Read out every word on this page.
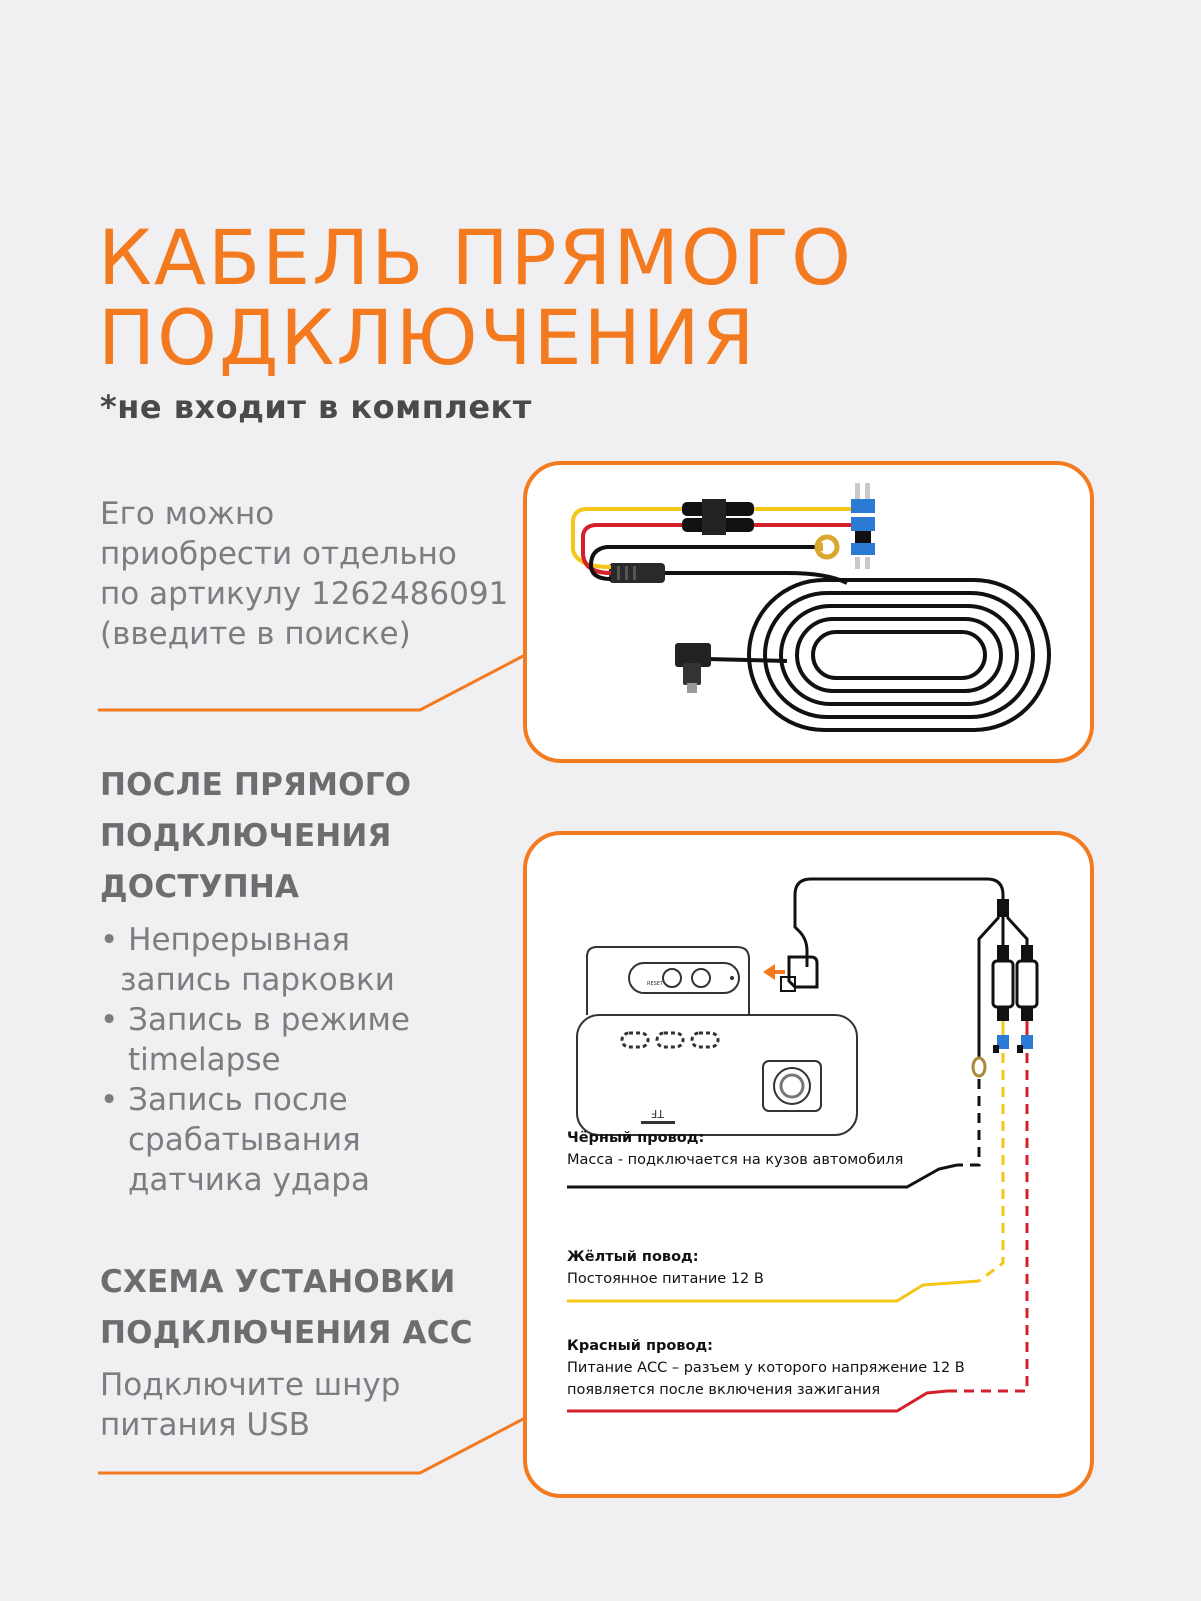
КАБЕЛЬ ПРЯМОГО
ПОДКЛЮЧЕНИЯ
*не входит в комплект
Его можно
приобрести отдельно
по артикулу 1262486091
(введите в поиске)
ПОСЛЕ ПРЯМОГО
ПОДКЛЮЧЕНИЯ
ДОСТУПНА
• Непрерывная
запись парковки
• Запись в режиме
timelapse
• Запись после
срабатывания
датчика удара
СХЕМА УСТАНОВКИ
ПОДКЛЮЧЕНИЯ ACC
Подключите шнур
питания USB
RESET
TF
Чёрный провод:
Масса - подключается на кузов автомобиля
Жёлтый повод:
Постоянное питание 12 В
Красный провод:
Питание АСС – разъем у которого напряжение 12 В
появляется после включения зажигания
